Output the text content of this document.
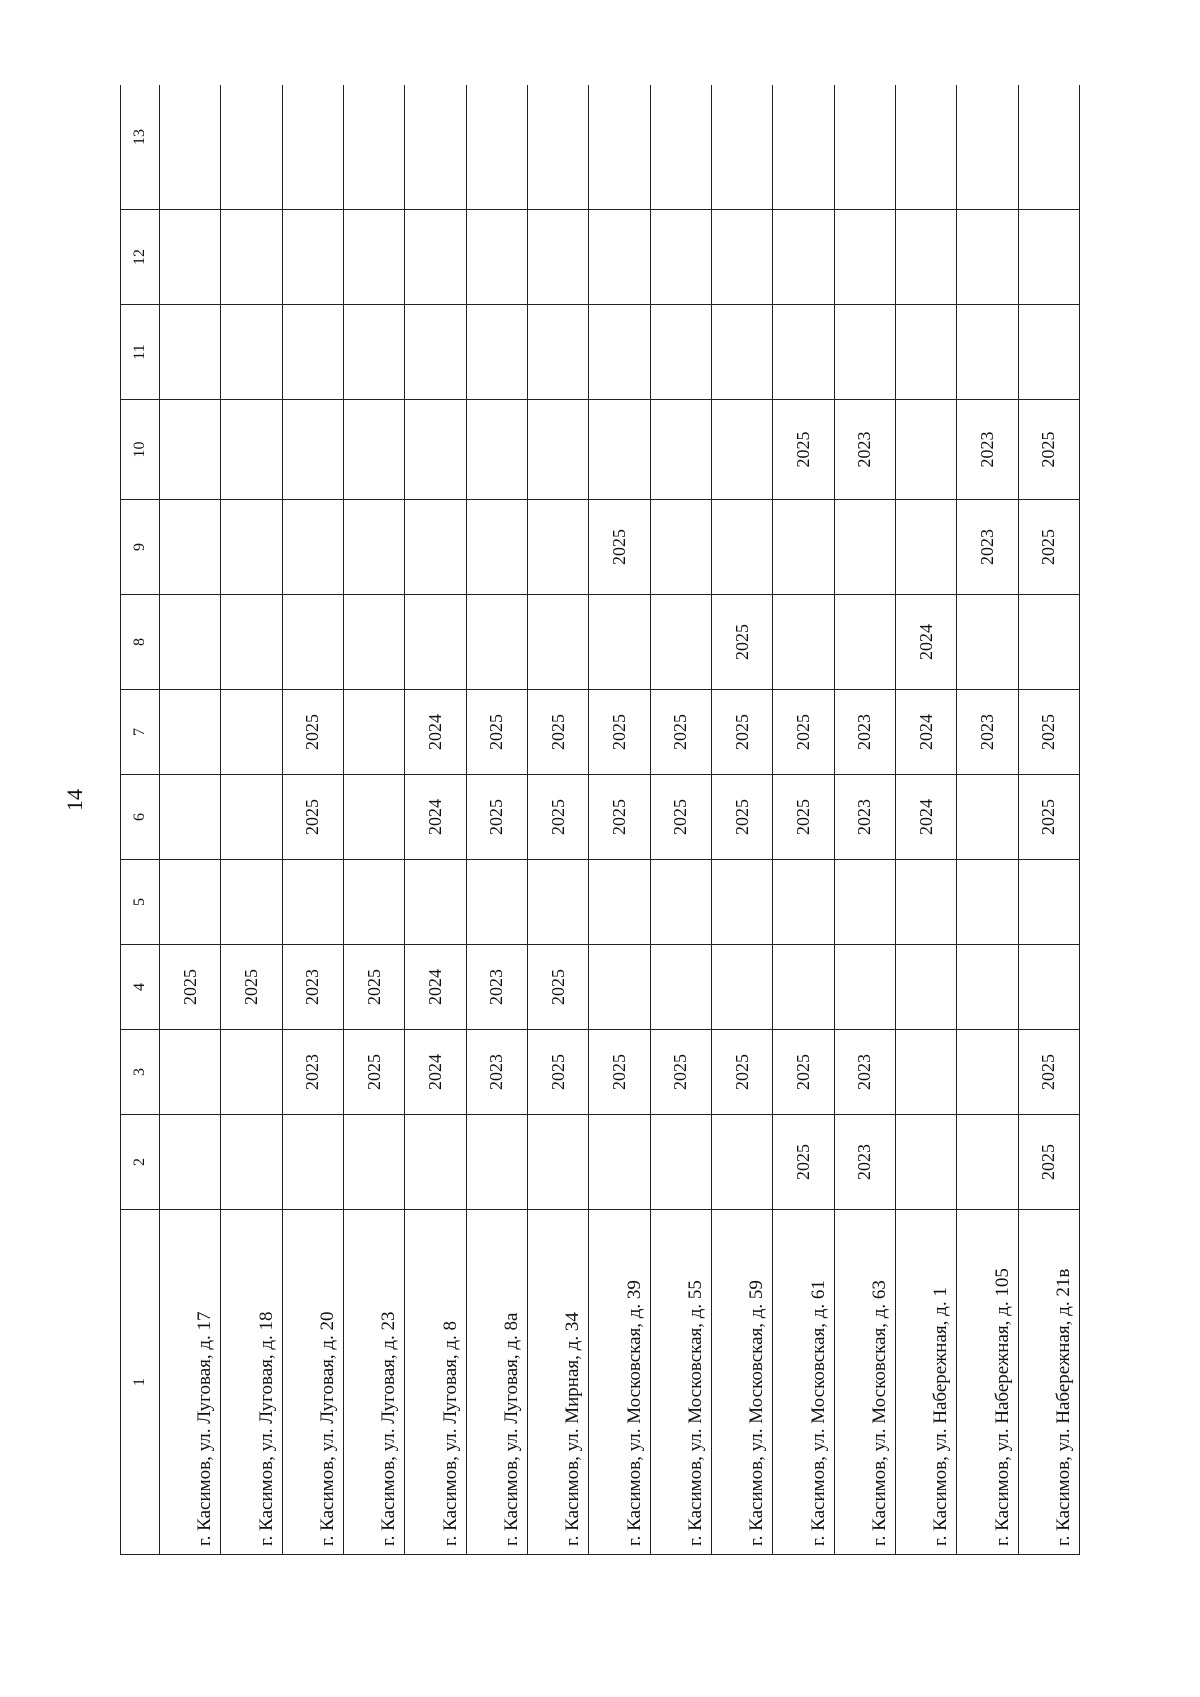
14
1	2	3	4	5	6	7	8	9	10	11	12	13
г. Касимов, ул. Луговая, д. 17			2025									
г. Касимов, ул. Луговая, д. 18			2025									
г. Касимов, ул. Луговая, д. 20		2023	2023		2025	2025						
г. Касимов, ул. Луговая, д. 23		2025	2025									
г. Касимов, ул. Луговая, д. 8		2024	2024		2024	2024						
г. Касимов, ул. Луговая, д. 8а		2023	2023		2025	2025						
г. Касимов, ул. Мирная, д. 34		2025	2025		2025	2025						
г. Касимов, ул. Московская, д. 39		2025			2025	2025		2025				
г. Касимов, ул. Московская, д. 55		2025			2025	2025						
г. Касимов, ул. Московская, д. 59		2025			2025	2025	2025					
г. Касимов, ул. Московская, д. 61	2025	2025			2025	2025			2025			
г. Касимов, ул. Московская, д. 63	2023	2023			2023	2023			2023			
г. Касимов, ул. Набережная, д. 1					2024	2024	2024					
г. Касимов, ул. Набережная, д. 105						2023		2023	2023			
г. Касимов, ул. Набережная, д. 21в	2025	2025			2025	2025		2025	2025			
